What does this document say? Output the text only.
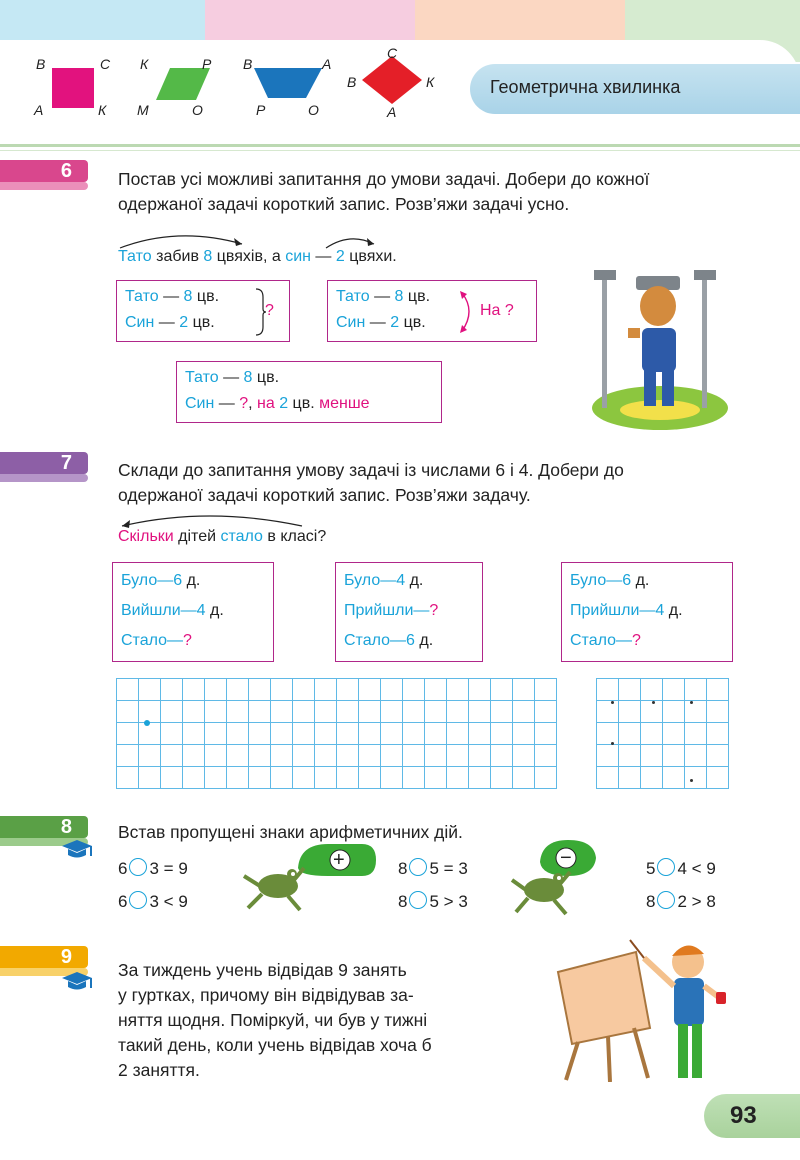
В	С
А	К
К	Р
М	О
В	А
Р	О
С
В	К
А
Геометрична хвилинка
6	Постав усі можливі запитання до умови задачі. Добери до кожної
одержаної задачі короткий запис. Розв’яжи задачі усно.
Тато забив 8 цвяхів, а син — 2 цвяхи.
Тато — 8 цв.
Син — 2 цв.
?
Тато — 8 цв.
Син — 2 цв.
На ?
Тато — 8 цв.
Син — ?, на 2 цв. менше
7	Склади до запитання умову задачі із числами 6 і 4. Добери до
одержаної задачі короткий запис. Розв’яжи задачу.
Скільки дітей стало в класі?
Було—6 д.
Вийшли—4 д.
Стало—?
Було—4 д.
Прийшли—?
Стало—6 д.
Було—6 д.
Прийшли—4 д.
Стало—?
8	Встав пропущені знаки арифметичних дій.
6 3 = 9
6 3 < 9
8 5 = 3
8 5 > 3
5 4 < 9
8 2 > 8
+	−
9
За тиждень учень відвідав 9 занять
у гуртках, причому він відвідував за-
няття щодня. Поміркуй, чи був у тижні
такий день, коли учень відвідав хоча б
2 заняття.
93
